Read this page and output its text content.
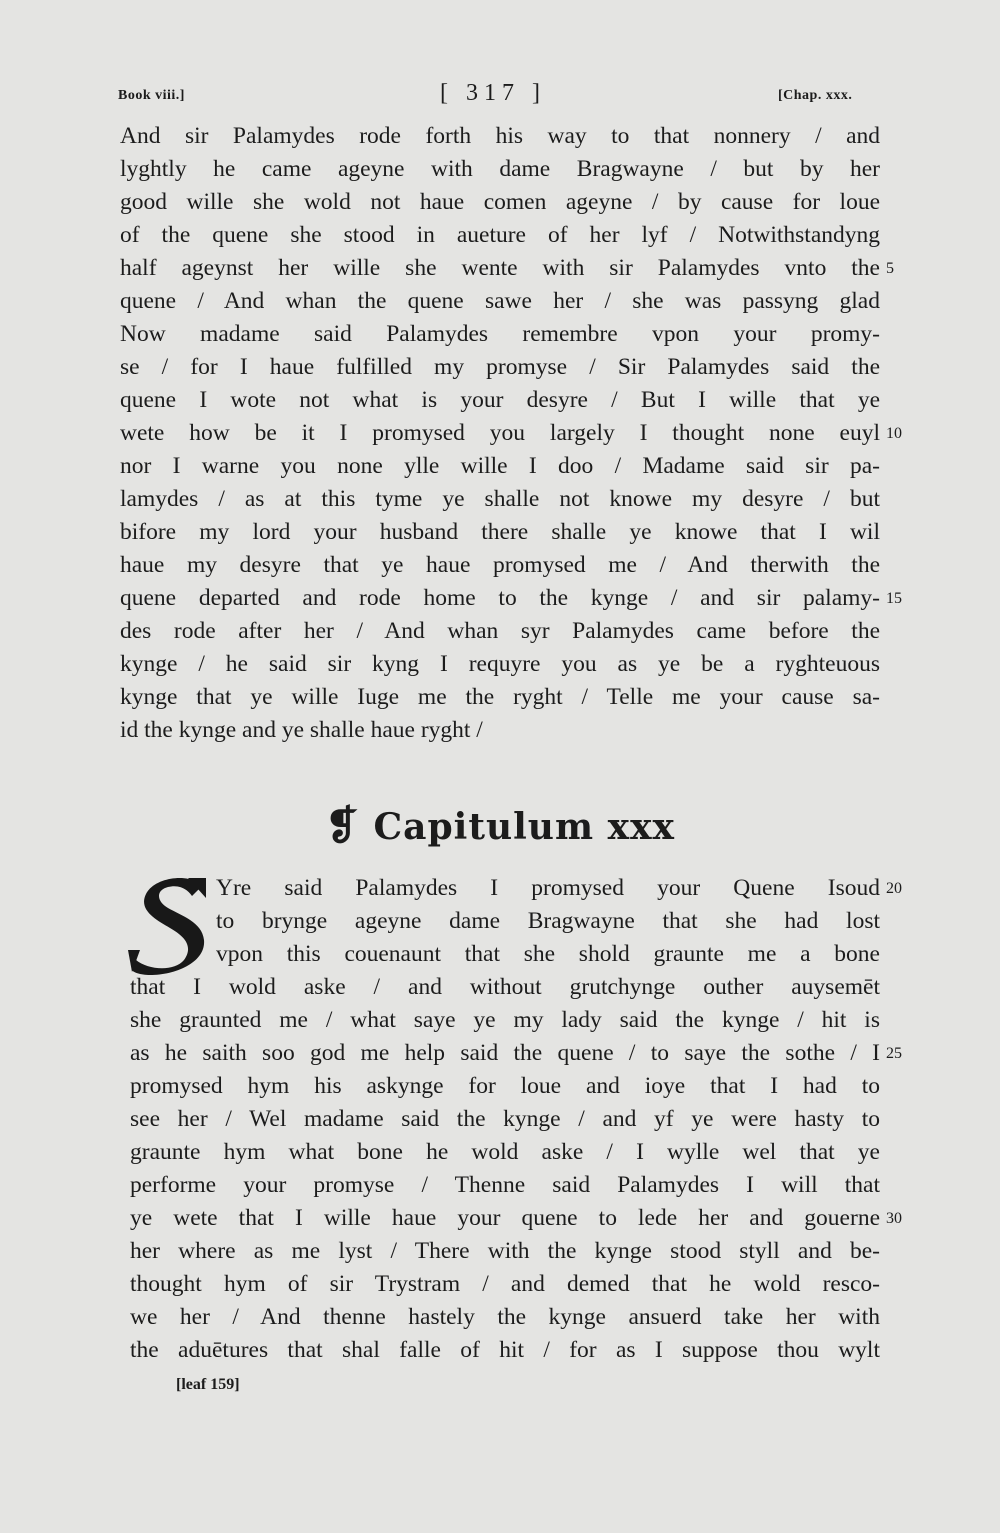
Book viii.]	[ 317 ]	[Chap. xxx.
And sir Palamydes rode forth his way to that nonnery / and
lyghtly he came ageyne with dame Bragwayne / but by her
good wille she wold not haue comen ageyne / by cause for loue
of the quene she stood in aueture of her lyf / Notwithstandyng
half ageynst her wille she wente with sir Palamydes vnto the
quene / And whan the quene sawe her / she was passyng glad
Now madame said Palamydes remembre vpon your promy-
se / for I haue fulfilled my promyse / Sir Palamydes said the
quene I wote not what is your desyre / But I wille that ye
wete how be it I promysed you largely I thought none euyl
nor I warne you none ylle wille I doo / Madame said sir pa-
lamydes / as at this tyme ye shalle not knowe my desyre / but
bifore my lord your husband there shalle ye knowe that I wil
haue my desyre that ye haue promysed me / And therwith the
quene departed and rode home to the kynge / and sir palamy-
des rode after her / And whan syr Palamydes came before the
kynge / he said sir kyng I requyre you as ye be a ryghteuous
kynge that ye wille Iuge me the ryght / Telle me your cause sa-
id the kynge and ye shalle haue ryght /
5
10
15
❡ Capitulum xxx
Yre said Palamydes I promysed your Quene Isoud
to brynge ageyne dame Bragwayne that she had lost
vpon this couenaunt that she shold graunte me a bone
that I wold aske / and without grutchynge outher auysemēt
she graunted me / what saye ye my lady said the kynge / hit is
as he saith soo god me help said the quene / to saye the sothe / I
promysed hym his askynge for loue and ioye that I had to
see her / Wel madame said the kynge / and yf ye were hasty to
graunte hym what bone he wold aske / I wylle wel that ye
performe your promyse / Thenne said Palamydes I will that
ye wete that I wille haue your quene to lede her and gouerne
her where as me lyst / There with the kynge stood styll and be-
thought hym of sir Trystram / and demed that he wold resco-
we her / And thenne hastely the kynge ansuerd take her with
the aduētures that shal falle of hit / for as I suppose thou wylt
20
25
30
[leaf 159]
